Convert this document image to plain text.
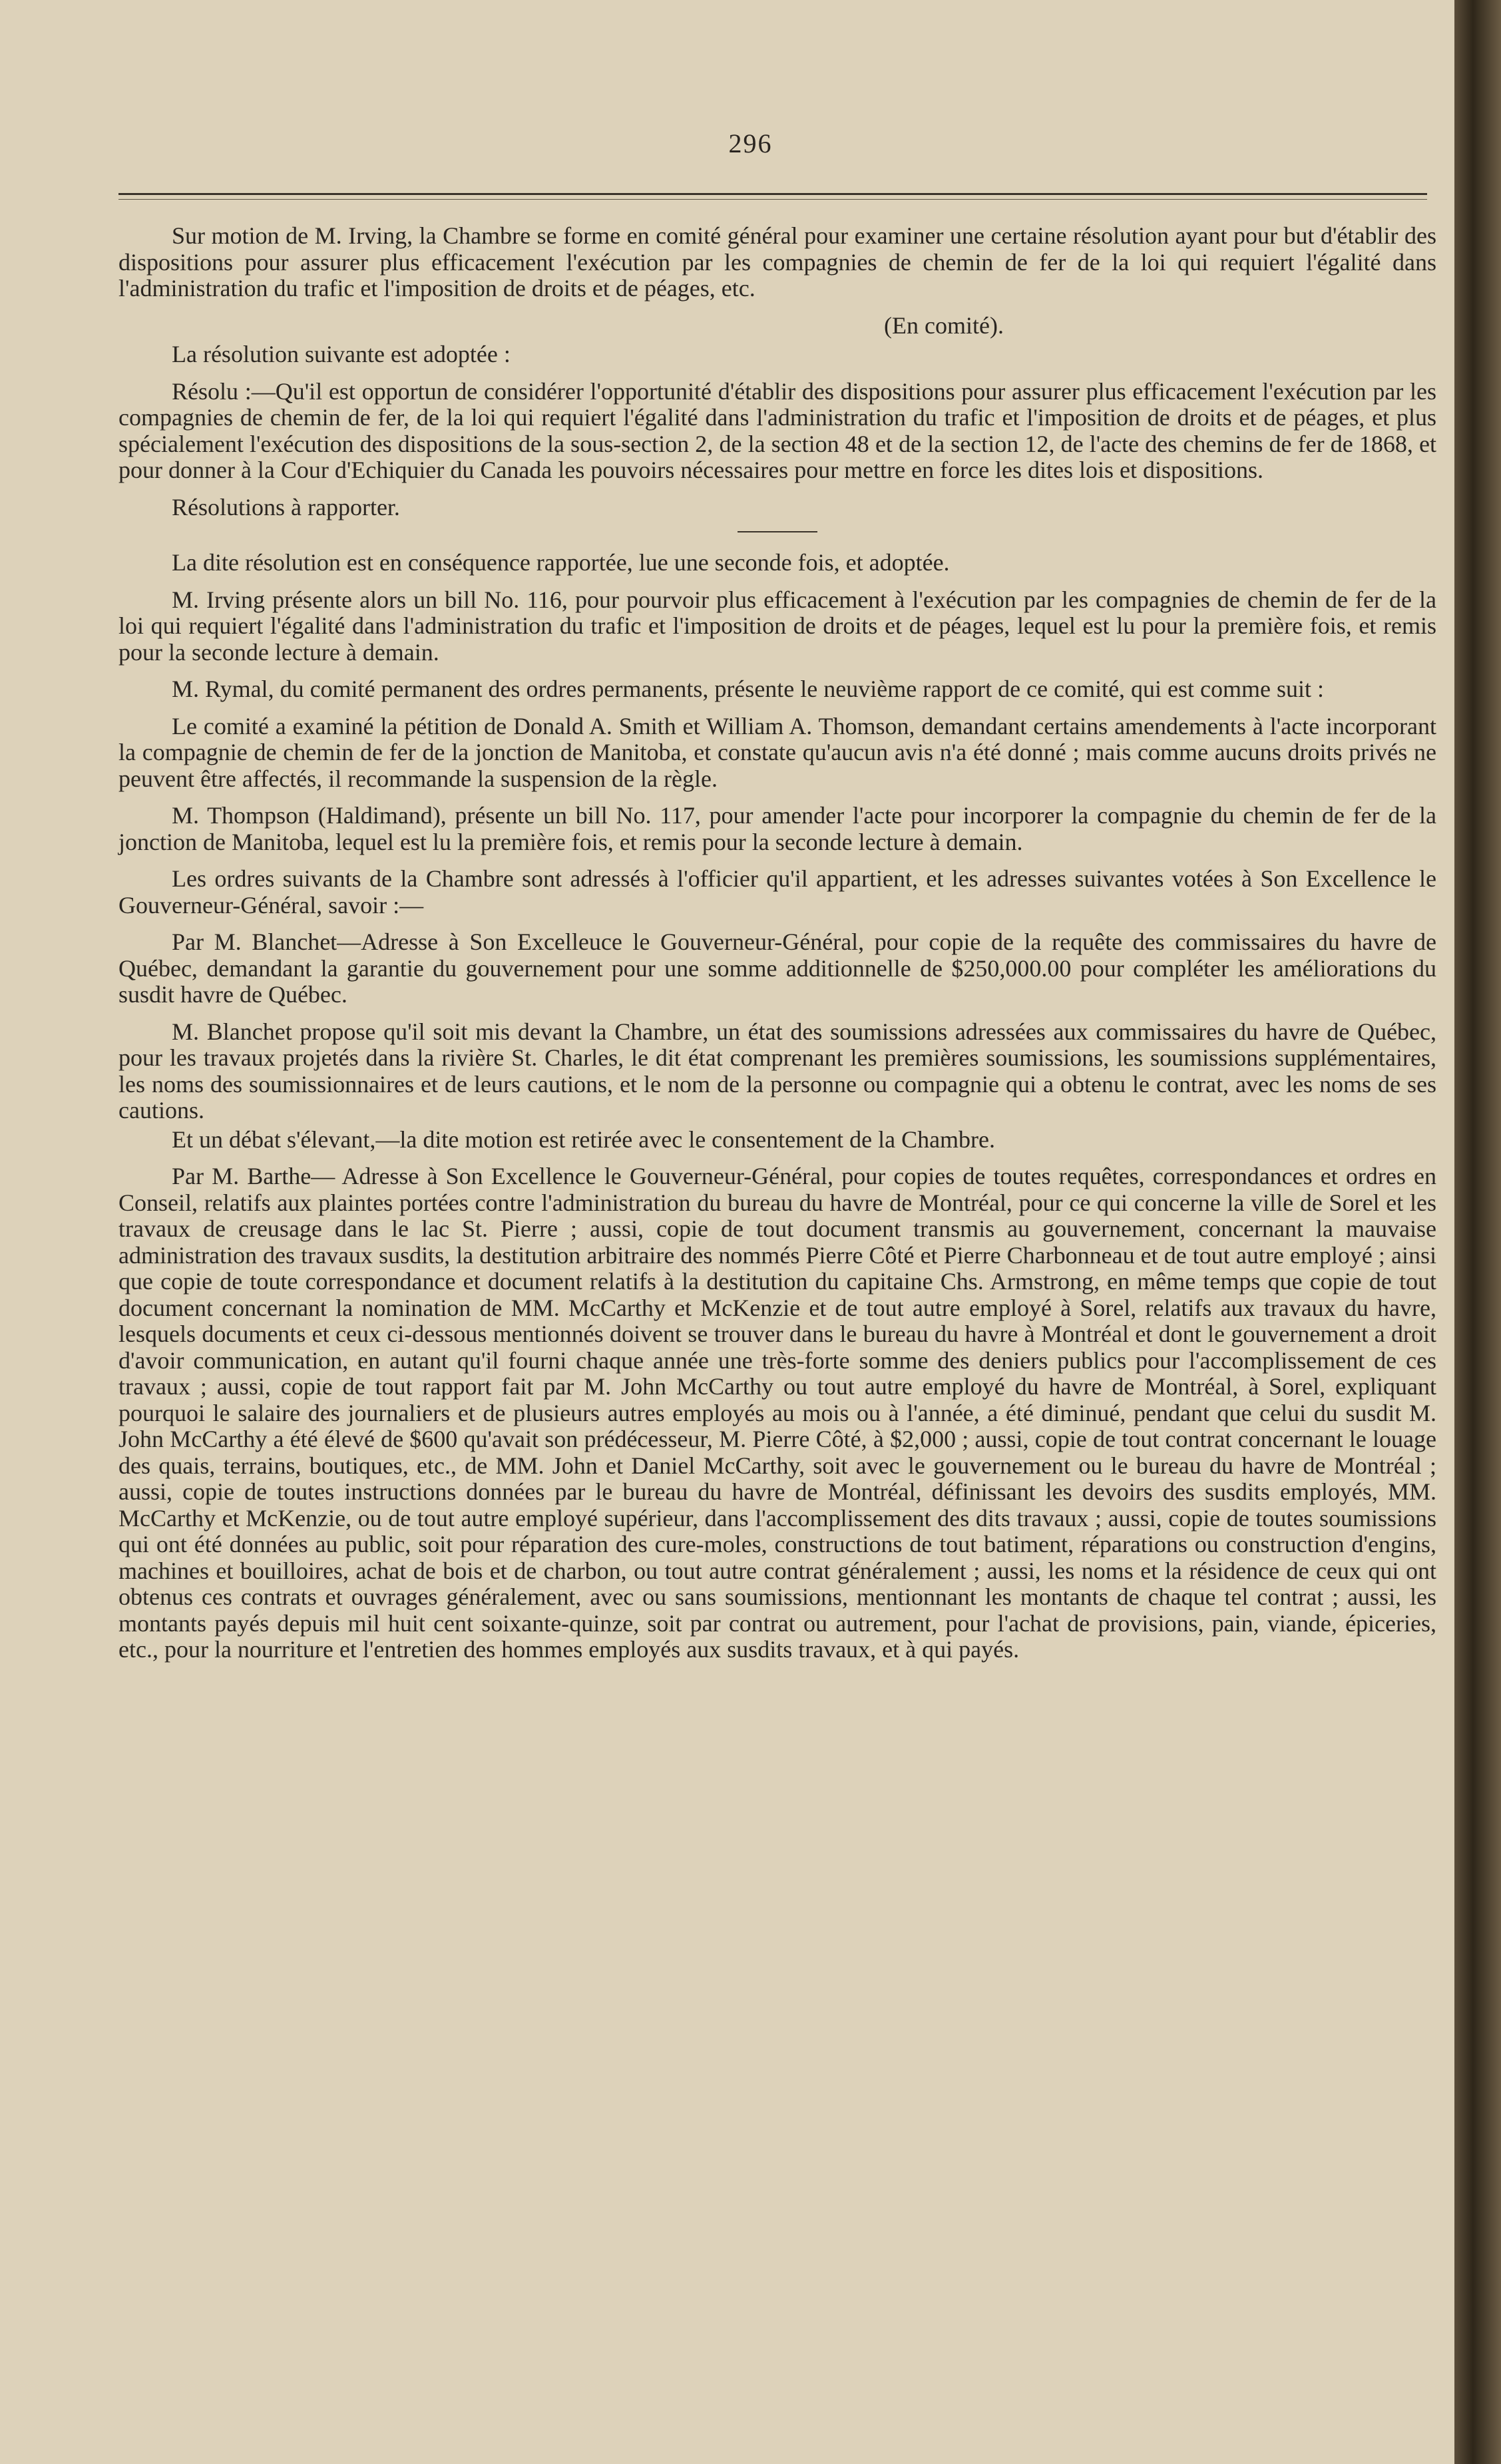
296

Sur motion de M. Irving, la Chambre se forme en comité général pour examiner une certaine résolution ayant pour but d'établir des dispositions pour assurer plus efficacement l'exécution par les compagnies de chemin de fer de la loi qui requiert l'égalité dans l'administration du trafic et l'imposition de droits et de péages, etc.

(En comité).

La résolution suivante est adoptée :

Résolu :—Qu'il est opportun de considérer l'opportunité d'établir des dispositions pour assurer plus efficacement l'exécution par les compagnies de chemin de fer, de la loi qui requiert l'égalité dans l'administration du trafic et l'imposition de droits et de péages, et plus spécialement l'exécution des dispositions de la sous-section 2, de la section 48 et de la section 12, de l'acte des chemins de fer de 1868, et pour donner à la Cour d'Echiquier du Canada les pouvoirs nécessaires pour mettre en force les dites lois et dispositions.

Résolutions à rapporter.

La dite résolution est en conséquence rapportée, lue une seconde fois, et adoptée.

M. Irving présente alors un bill No. 116, pour pourvoir plus efficacement à l'exécution par les compagnies de chemin de fer de la loi qui requiert l'égalité dans l'administration du trafic et l'imposition de droits et de péages, lequel est lu pour la première fois, et remis pour la seconde lecture à demain.

M. Rymal, du comité permanent des ordres permanents, présente le neuvième rapport de ce comité, qui est comme suit :

Le comité a examiné la pétition de Donald A. Smith et William A. Thomson, demandant certains amendements à l'acte incorporant la compagnie de chemin de fer de la jonction de Manitoba, et constate qu'aucun avis n'a été donné ; mais comme aucuns droits privés ne peuvent être affectés, il recommande la suspension de la règle.

M. Thompson (Haldimand), présente un bill No. 117, pour amender l'acte pour incorporer la compagnie du chemin de fer de la jonction de Manitoba, lequel est lu la première fois, et remis pour la seconde lecture à demain.

Les ordres suivants de la Chambre sont adressés à l'officier qu'il appartient, et les adresses suivantes votées à Son Excellence le Gouverneur-Général, savoir :—

Par M. Blanchet—Adresse à Son Excelleuce le Gouverneur-Général, pour copie de la requête des commissaires du havre de Québec, demandant la garantie du gouvernement pour une somme additionnelle de $250,000.00 pour compléter les améliorations du susdit havre de Québec.

M. Blanchet propose qu'il soit mis devant la Chambre, un état des soumissions adressées aux commissaires du havre de Québec, pour les travaux projetés dans la rivière St. Charles, le dit état comprenant les premières soumissions, les soumissions supplémentaires, les noms des soumissionnaires et de leurs cautions, et le nom de la personne ou compagnie qui a obtenu le contrat, avec les noms de ses cautions.

Et un débat s'élevant,—la dite motion est retirée avec le consentement de la Chambre.

Par M. Barthe— Adresse à Son Excellence le Gouverneur-Général, pour copies de toutes requêtes, correspondances et ordres en Conseil, relatifs aux plaintes portées contre l'administration du bureau du havre de Montréal, pour ce qui concerne la ville de Sorel et les travaux de creusage dans le lac St. Pierre ; aussi, copie de tout document transmis au gouvernement, concernant la mauvaise administration des travaux susdits, la destitution arbitraire des nommés Pierre Côté et Pierre Charbonneau et de tout autre employé ; ainsi que copie de toute correspondance et document relatifs à la destitution du capitaine Chs. Armstrong, en même temps que copie de tout document concernant la nomination de MM. McCarthy et McKenzie et de tout autre employé à Sorel, relatifs aux travaux du havre, lesquels documents et ceux ci-dessous mentionnés doivent se trouver dans le bureau du havre à Montréal et dont le gouvernement a droit d'avoir communication, en autant qu'il fourni chaque année une très-forte somme des deniers publics pour l'accomplissement de ces travaux ; aussi, copie de tout rapport fait par M. John McCarthy ou tout autre employé du havre de Montréal, à Sorel, expliquant pourquoi le salaire des journaliers et de plusieurs autres employés au mois ou à l'année, a été diminué, pendant que celui du susdit M. John McCarthy a été élevé de $600 qu'avait son prédécesseur, M. Pierre Côté, à $2,000 ; aussi, copie de tout contrat concernant le louage des quais, terrains, boutiques, etc., de MM. John et Daniel McCarthy, soit avec le gouvernement ou le bureau du havre de Montréal ; aussi, copie de toutes instructions données par le bureau du havre de Montréal, définissant les devoirs des susdits employés, MM. McCarthy et McKenzie, ou de tout autre employé supérieur, dans l'accomplissement des dits travaux ; aussi, copie de toutes soumissions qui ont été données au public, soit pour réparation des cure-moles, constructions de tout batiment, réparations ou construction d'engins, machines et bouilloires, achat de bois et de charbon, ou tout autre contrat généralement ; aussi, les noms et la résidence de ceux qui ont obtenus ces contrats et ouvrages généralement, avec ou sans soumissions, mentionnant les montants de chaque tel contrat ; aussi, les montants payés depuis mil huit cent soixante-quinze, soit par contrat ou autrement, pour l'achat de provisions, pain, viande, épiceries, etc., pour la nourriture et l'entretien des hommes employés aux susdits travaux, et à qui payés.
